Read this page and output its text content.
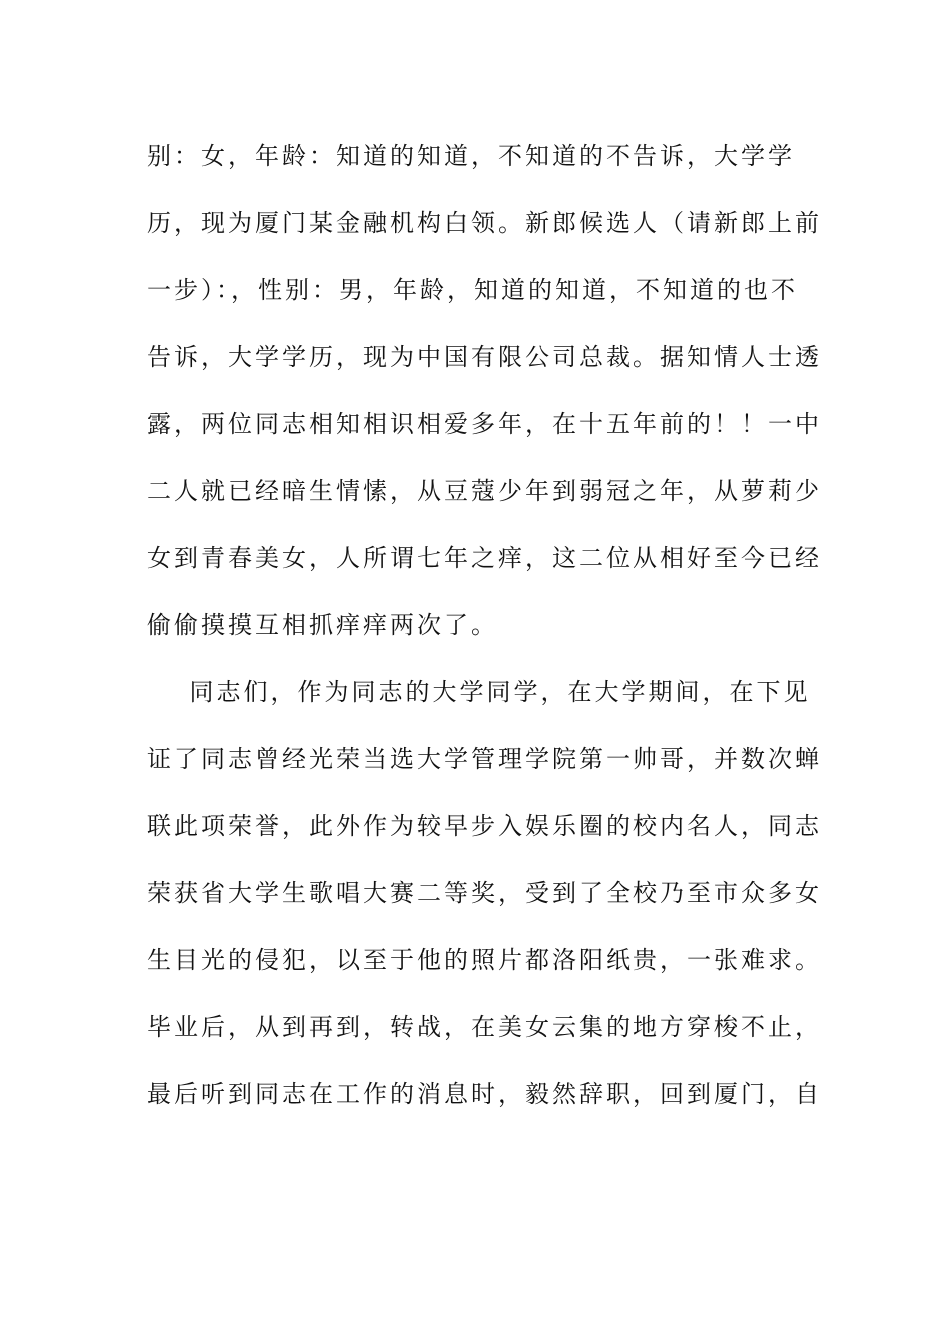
别：女，年龄：知道的知道，不知道的不告诉，大学学
历，现为厦门某金融机构白领。新郎候选人（请新郎上前
一步）：，性别：男，年龄，知道的知道，不知道的也不
告诉，大学学历，现为中国有限公司总裁。据知情人士透
露，两位同志相知相识相爱多年，在十五年前的！！一中
二人就已经暗生情愫，从豆蔻少年到弱冠之年，从萝莉少
女到青春美女，人所谓七年之痒，这二位从相好至今已经
偷偷摸摸互相抓痒痒两次了。
同志们，作为同志的大学同学，在大学期间，在下见
证了同志曾经光荣当选大学管理学院第一帅哥，并数次蝉
联此项荣誉，此外作为较早步入娱乐圈的校内名人，同志
荣获省大学生歌唱大赛二等奖，受到了全校乃至市众多女
生目光的侵犯，以至于他的照片都洛阳纸贵，一张难求。
毕业后，从到再到，转战，在美女云集的地方穿梭不止，
最后听到同志在工作的消息时，毅然辞职，回到厦门，自
